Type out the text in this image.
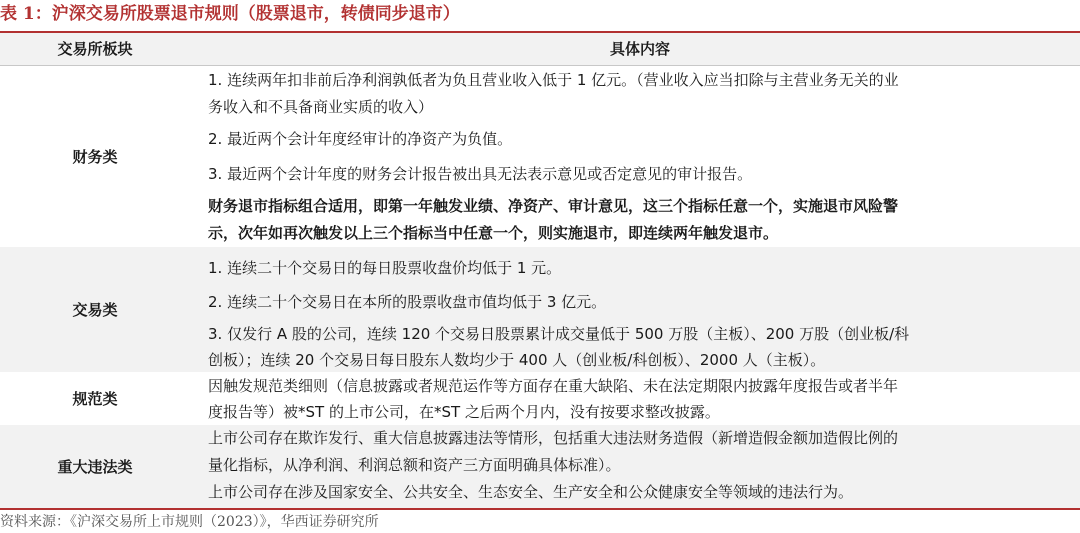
表 1：沪深交易所股票退市规则（股票退市，转债同步退市）
交易所板块	具体内容
财务类
1. 连续两年扣非前后净利润孰低者为负且营业收入低于 1 亿元。（营业收入应当扣除与主营业务无关的业
务收入和不具备商业实质的收入）
2. 最近两个会计年度经审计的净资产为负值。
3. 最近两个会计年度的财务会计报告被出具无法表示意见或否定意见的审计报告。
财务退市指标组合适用，即第一年触发业绩、净资产、审计意见，这三个指标任意一个，实施退市风险警
示，次年如再次触发以上三个指标当中任意一个，则实施退市，即连续两年触发退市。
交易类
1. 连续二十个交易日的每日股票收盘价均低于 1 元。
2. 连续二十个交易日在本所的股票收盘市值均低于 3 亿元。
3. 仅发行 A 股的公司，连续 120 个交易日股票累计成交量低于 500 万股（主板）、200 万股（创业板/科
创板）；连续 20 个交易日每日股东人数均少于 400 人（创业板/科创板）、2000 人（主板）。
规范类
因触发规范类细则（信息披露或者规范运作等方面存在重大缺陷、未在法定期限内披露年度报告或者半年
度报告等）被*ST 的上市公司，在*ST 之后两个月内，没有按要求整改披露。
重大违法类
上市公司存在欺诈发行、重大信息披露违法等情形，包括重大违法财务造假（新增造假金额加造假比例的
量化指标，从净利润、利润总额和资产三方面明确具体标准）。
上市公司存在涉及国家安全、公共安全、生态安全、生产安全和公众健康安全等领域的违法行为。
资料来源：《沪深交易所上市规则（2023）》，华西证券研究所
